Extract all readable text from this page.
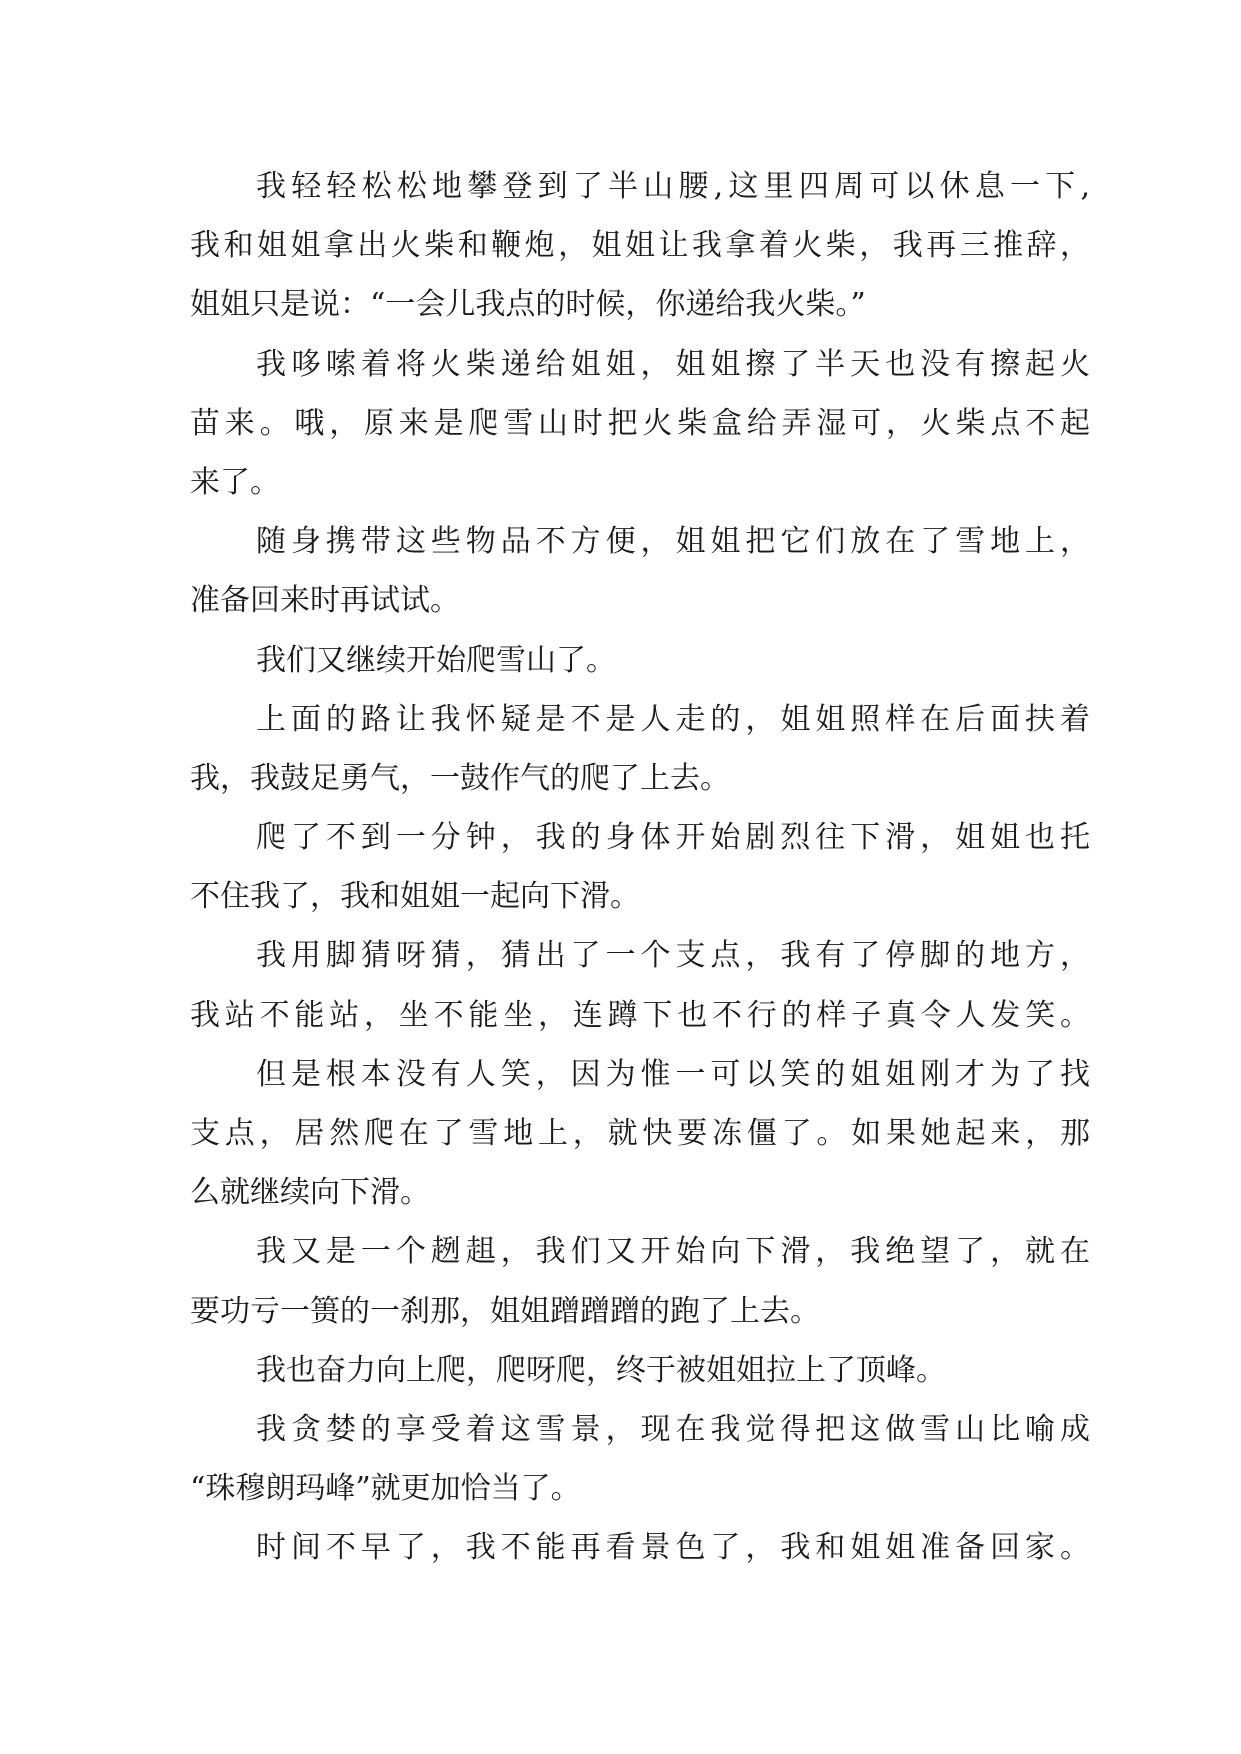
我轻轻松松地攀登到了半山腰,这里四周可以休息一下,
我和姐姐拿出火柴和鞭炮，姐姐让我拿着火柴，我再三推辞，
姐姐只是说：“一会儿我点的时候，你递给我火柴。”

我哆嗦着将火柴递给姐姐，姐姐擦了半天也没有擦起火
苗来。哦，原来是爬雪山时把火柴盒给弄湿可，火柴点不起
来了。

随身携带这些物品不方便，姐姐把它们放在了雪地上，
准备回来时再试试。

我们又继续开始爬雪山了。

上面的路让我怀疑是不是人走的，姐姐照样在后面扶着
我，我鼓足勇气，一鼓作气的爬了上去。

爬了不到一分钟，我的身体开始剧烈往下滑，姐姐也托
不住我了，我和姐姐一起向下滑。

我用脚猜呀猜，猜出了一个支点，我有了停脚的地方，
我站不能站，坐不能坐，连蹲下也不行的样子真令人发笑。

但是根本没有人笑，因为惟一可以笑的姐姐刚才为了找
支点，居然爬在了雪地上，就快要冻僵了。如果她起来，那
么就继续向下滑。

我又是一个趔趄，我们又开始向下滑，我绝望了，就在
要功亏一篑的一刹那，姐姐蹭蹭蹭的跑了上去。

我也奋力向上爬，爬呀爬，终于被姐姐拉上了顶峰。

我贪婪的享受着这雪景，现在我觉得把这做雪山比喻成
“珠穆朗玛峰”就更加恰当了。

时间不早了，我不能再看景色了，我和姐姐准备回家。
